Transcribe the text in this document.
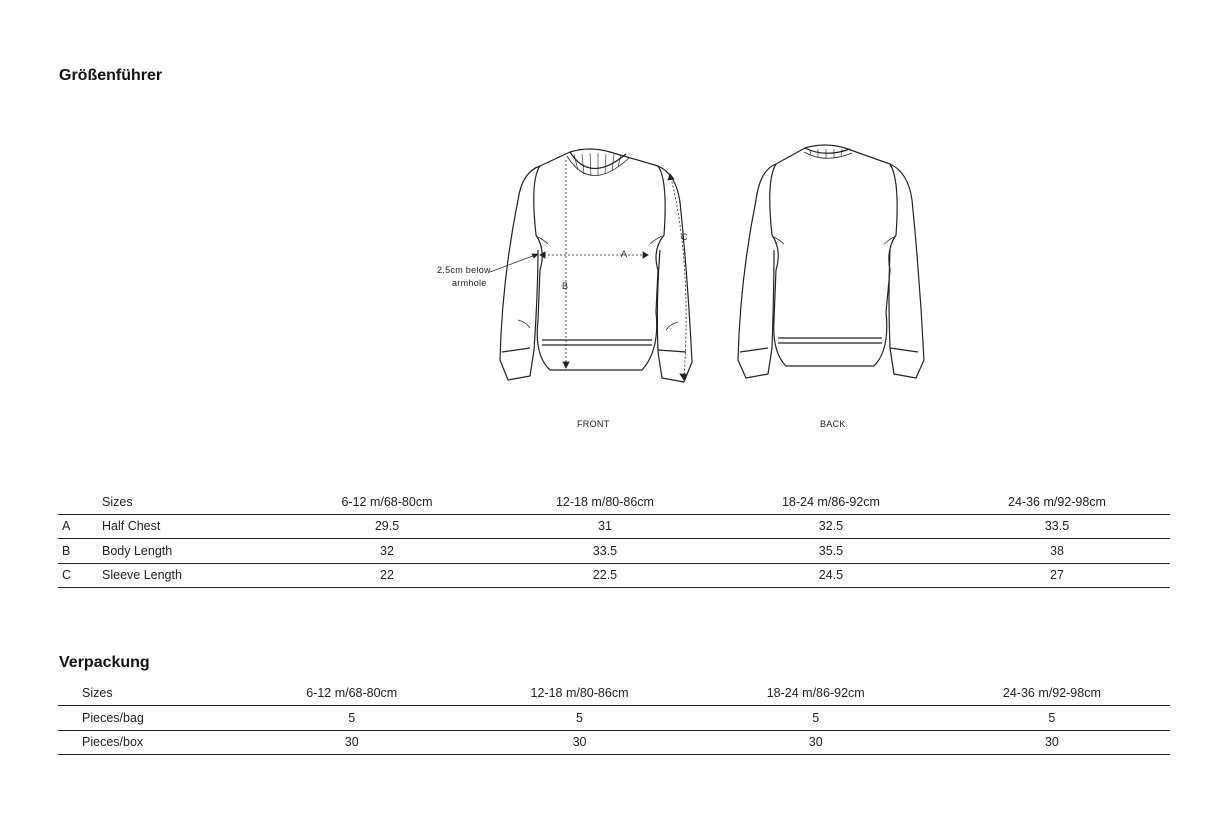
Größenführer
2.5cm below
armhole
A
B
C
FRONT	BACK
	Sizes	6-12 m/68-80cm	12-18 m/80-86cm	18-24 m/86-92cm	24-36 m/92-98cm
A	Half Chest	29.5	31	32.5	33.5
B	Body Length	32	33.5	35.5	38
C	Sleeve Length	22	22.5	24.5	27
Verpackung
Sizes	6-12 m/68-80cm	12-18 m/80-86cm	18-24 m/86-92cm	24-36 m/92-98cm
Pieces/bag	5	5	5	5
Pieces/box	30	30	30	30
